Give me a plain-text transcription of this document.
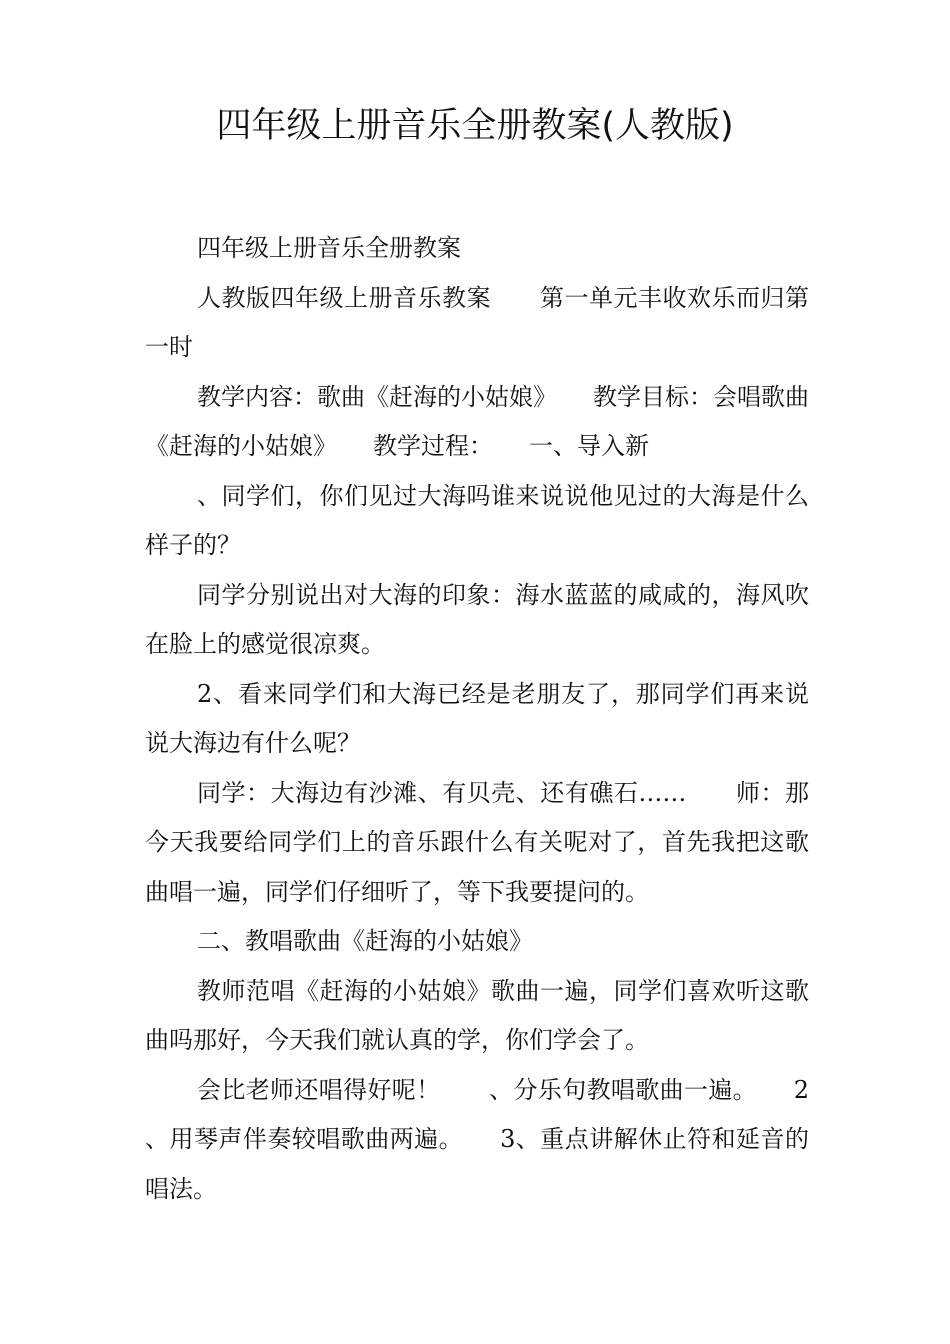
四年级上册音乐全册教案(人教版)

四年级上册音乐全册教案

人教版四年级上册音乐教案　　第一单元丰收欢乐而归第一时

教学内容：歌曲《赶海的小姑娘》　　教学目标：会唱歌曲《赶海的小姑娘》　　教学过程：　　一、导入新

、同学们，你们见过大海吗谁来说说他见过的大海是什么样子的？

同学分别说出对大海的印象：海水蓝蓝的咸咸的，海风吹在脸上的感觉很凉爽。

2、看来同学们和大海已经是老朋友了，那同学们再来说说大海边有什么呢？

同学：大海边有沙滩、有贝壳、还有礁石……　　师：那今天我要给同学们上的音乐跟什么有关呢对了，首先我把这歌曲唱一遍，同学们仔细听了，等下我要提问的。

二、教唱歌曲《赶海的小姑娘》

教师范唱《赶海的小姑娘》歌曲一遍，同学们喜欢听这歌曲吗那好，今天我们就认真的学，你们学会了。

会比老师还唱得好呢！　　、分乐句教唱歌曲一遍。　　2、用琴声伴奏较唱歌曲两遍。　　3、重点讲解休止符和延音的唱法。
